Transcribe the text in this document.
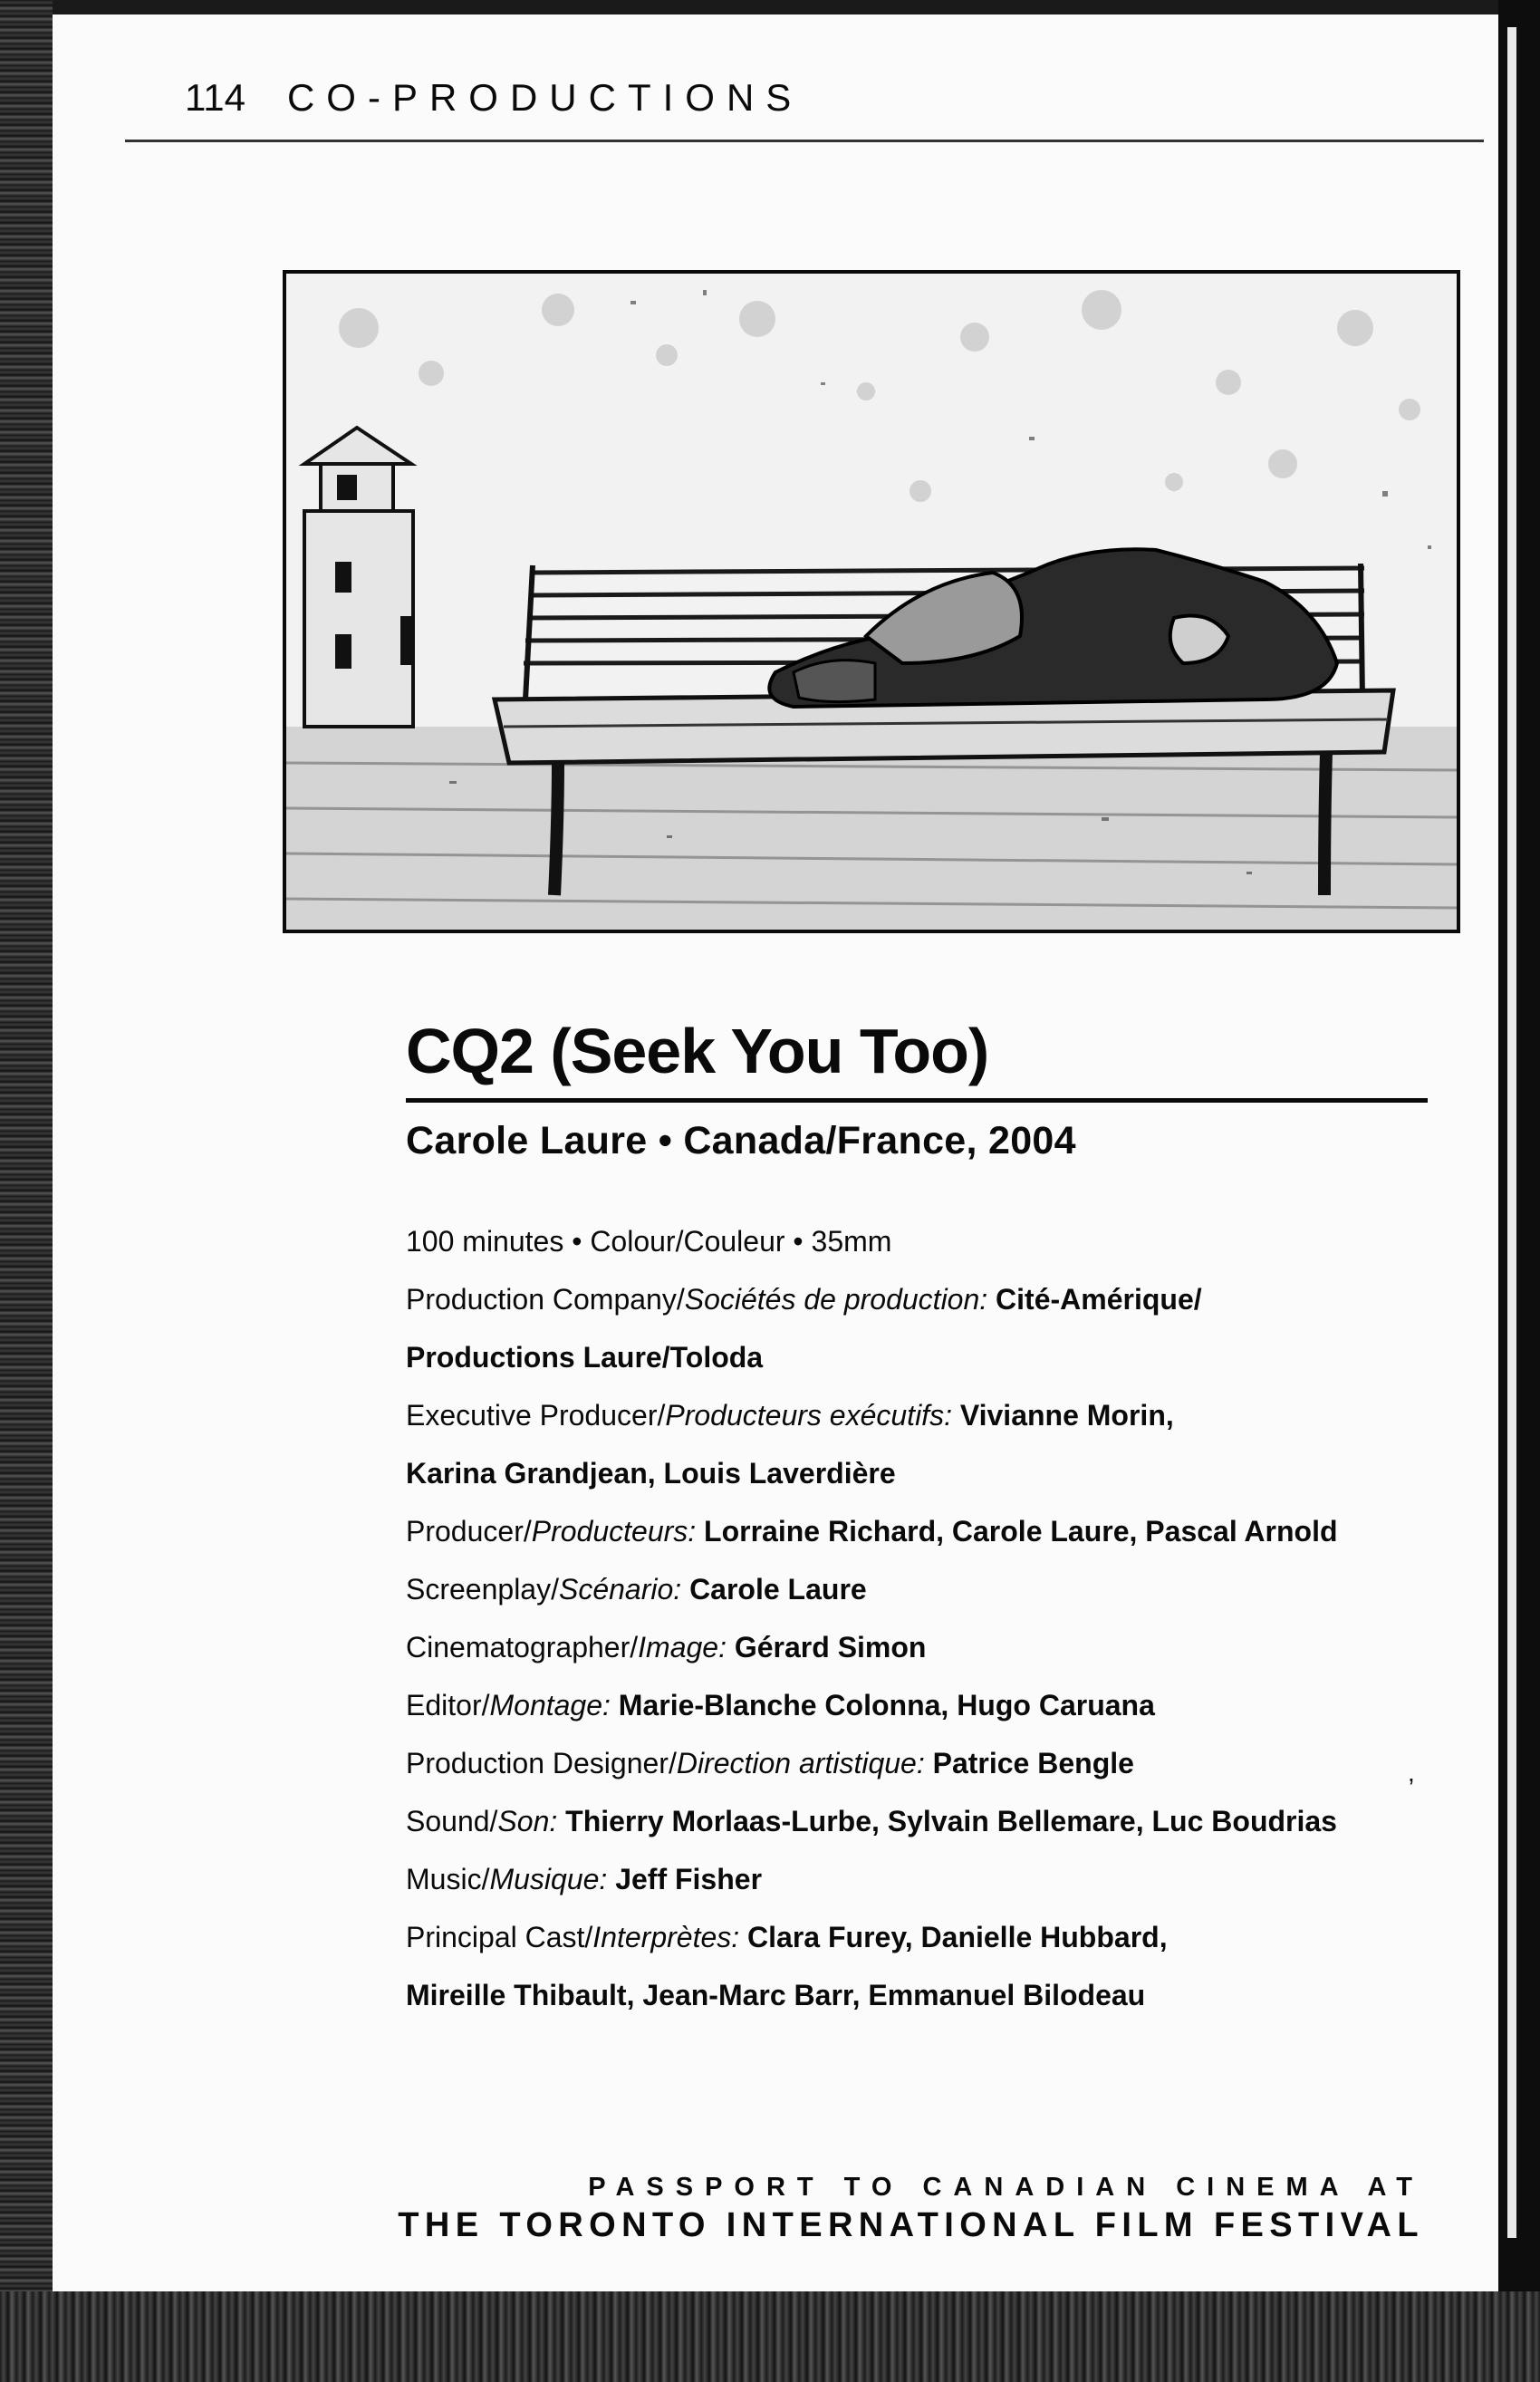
114 CO-PRODUCTIONS
CQ2 (Seek You Too)
Carole Laure • Canada/France, 2004
100 minutes • Colour/Couleur • 35mm
Production Company/Sociétés de production: Cité-Amérique/
Productions Laure/Toloda
Executive Producer/Producteurs exécutifs: Vivianne Morin,
Karina Grandjean, Louis Laverdière
Producer/Producteurs: Lorraine Richard, Carole Laure, Pascal Arnold
Screenplay/Scénario: Carole Laure
Cinematographer/Image: Gérard Simon
Editor/Montage: Marie-Blanche Colonna, Hugo Caruana
Production Designer/Direction artistique: Patrice Bengle
Sound/Son: Thierry Morlaas-Lurbe, Sylvain Bellemare, Luc Boudrias
Music/Musique: Jeff Fisher
Principal Cast/Interprètes: Clara Furey, Danielle Hubbard,
Mireille Thibault, Jean-Marc Barr, Emmanuel Bilodeau
,
PASSPORT TO CANADIAN CINEMA AT
THE TORONTO INTERNATIONAL FILM FESTIVAL
